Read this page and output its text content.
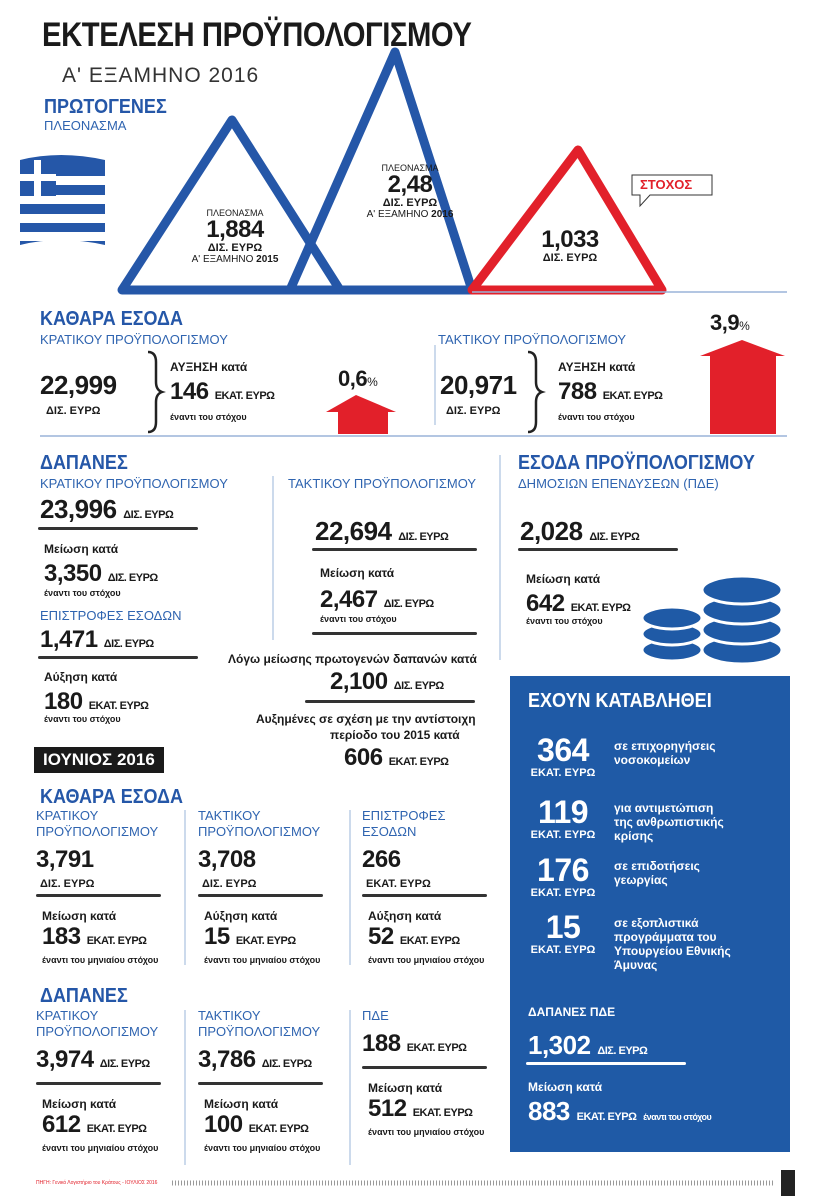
ΕΚΤΕΛΕΣΗ ΠΡΟΫΠΟΛΟΓΙΣΜΟΥ
Α' ΕΞΑΜΗΝΟ 2016
ΠΡΩΤΟΓΕΝΕΣ
ΠΛΕΟΝΑΣΜΑ
ΠΛΕΟΝΑΣΜΑ
1,884
ΔΙΣ. ΕΥΡΩ
Α' ΕΞΑΜΗΝΟ 2015
ΠΛΕΟΝΑΣΜΑ
2,48
ΔΙΣ. ΕΥΡΩ
Α' ΕΞΑΜΗΝΟ 2016
ΣΤΟΧΟΣ
1,033
ΔΙΣ. ΕΥΡΩ
ΚΑΘΑΡΑ ΕΣΟΔΑ
ΚΡΑΤΙΚΟΥ ΠΡΟΫΠΟΛΟΓΙΣΜΟΥ
22,999
ΔΙΣ. ΕΥΡΩ
ΑΥΞΗΣΗ κατά
146 ΕΚΑΤ. ΕΥΡΩ
έναντι του στόχου
0,6%
ΤΑΚΤΙΚΟΥ ΠΡΟΫΠΟΛΟΓΙΣΜΟΥ
20,971
ΔΙΣ. ΕΥΡΩ
ΑΥΞΗΣΗ κατά
788 ΕΚΑΤ. ΕΥΡΩ
έναντι του στόχου
3,9%
ΔΑΠΑΝΕΣ
ΚΡΑΤΙΚΟΥ ΠΡΟΫΠΟΛΟΓΙΣΜΟΥ
23,996 ΔΙΣ. ΕΥΡΩ
Μείωση κατά
3,350 ΔΙΣ. ΕΥΡΩ
έναντι του στόχου
ΕΠΙΣΤΡΟΦΕΣ ΕΣΟΔΩΝ
1,471 ΔΙΣ. ΕΥΡΩ
Αύξηση κατά
180 ΕΚΑΤ. ΕΥΡΩ
έναντι του στόχου
ΤΑΚΤΙΚΟΥ ΠΡΟΫΠΟΛΟΓΙΣΜΟΥ
22,694 ΔΙΣ. ΕΥΡΩ
Μείωση κατά
2,467 ΔΙΣ. ΕΥΡΩ
έναντι του στόχου
Λόγω μείωσης πρωτογενών δαπανών κατά
2,100 ΔΙΣ. ΕΥΡΩ
Αυξημένες σε σχέση με την αντίστοιχη
περίοδο του 2015 κατά
606 ΕΚΑΤ. ΕΥΡΩ
ΕΣΟΔΑ ΠΡΟΫΠΟΛΟΓΙΣΜΟΥ
ΔΗΜΟΣΙΩΝ ΕΠΕΝΔΥΣΕΩΝ (ΠΔΕ)
2,028 ΔΙΣ. ΕΥΡΩ
Μείωση κατά
642 ΕΚΑΤ. ΕΥΡΩ
έναντι του στόχου
ΕΧΟΥΝ ΚΑΤΑΒΛΗΘΕΙ
364
ΕΚΑΤ. ΕΥΡΩ
σε επιχορηγήσεις
νοσοκομείων
119
ΕΚΑΤ. ΕΥΡΩ
για αντιμετώπιση
της ανθρωπιστικής
κρίσης
176
ΕΚΑΤ. ΕΥΡΩ
σε επιδοτήσεις
γεωργίας
15
ΕΚΑΤ. ΕΥΡΩ
σε εξοπλιστικά
προγράμματα του
Υπουργείου Εθνικής
Άμυνας
ΔΑΠΑΝΕΣ ΠΔΕ
1,302 ΔΙΣ. ΕΥΡΩ
Μείωση κατά
883 ΕΚΑΤ. ΕΥΡΩ έναντι του στόχου
ΙΟΥΝΙΟΣ 2016
ΚΑΘΑΡΑ ΕΣΟΔΑ
ΔΑΠΑΝΕΣ
ΚΡΑΤΙΚΟΥ
ΠΡΟΫΠΟΛΟΓΙΣΜΟΥ
3,791
ΔΙΣ. ΕΥΡΩ
Μείωση κατά
183 ΕΚΑΤ. ΕΥΡΩ
έναντι του μηνιαίου στόχου
ΤΑΚΤΙΚΟΥ
ΠΡΟΫΠΟΛΟΓΙΣΜΟΥ
3,708
ΔΙΣ. ΕΥΡΩ
Αύξηση κατά
15 ΕΚΑΤ. ΕΥΡΩ
έναντι του μηνιαίου στόχου
ΕΠΙΣΤΡΟΦΕΣ
ΕΣΟΔΩΝ
266
ΕΚΑΤ. ΕΥΡΩ
Αύξηση κατά
52 ΕΚΑΤ. ΕΥΡΩ
έναντι του μηνιαίου στόχου
ΚΡΑΤΙΚΟΥ
ΠΡΟΫΠΟΛΟΓΙΣΜΟΥ
3,974 ΔΙΣ. ΕΥΡΩ
Μείωση κατά
612 ΕΚΑΤ. ΕΥΡΩ
έναντι του μηνιαίου στόχου
ΤΑΚΤΙΚΟΥ
ΠΡΟΫΠΟΛΟΓΙΣΜΟΥ
3,786 ΔΙΣ. ΕΥΡΩ
Μείωση κατά
100 ΕΚΑΤ. ΕΥΡΩ
έναντι του μηνιαίου στόχου
ΠΔΕ
188 ΕΚΑΤ. ΕΥΡΩ
Μείωση κατά
512 ΕΚΑΤ. ΕΥΡΩ
έναντι του μηνιαίου στόχου
ΠΗΓΗ: Γενικό Λογιστήριο του Κράτους - ΙΟΥΛΙΟΣ 2016
